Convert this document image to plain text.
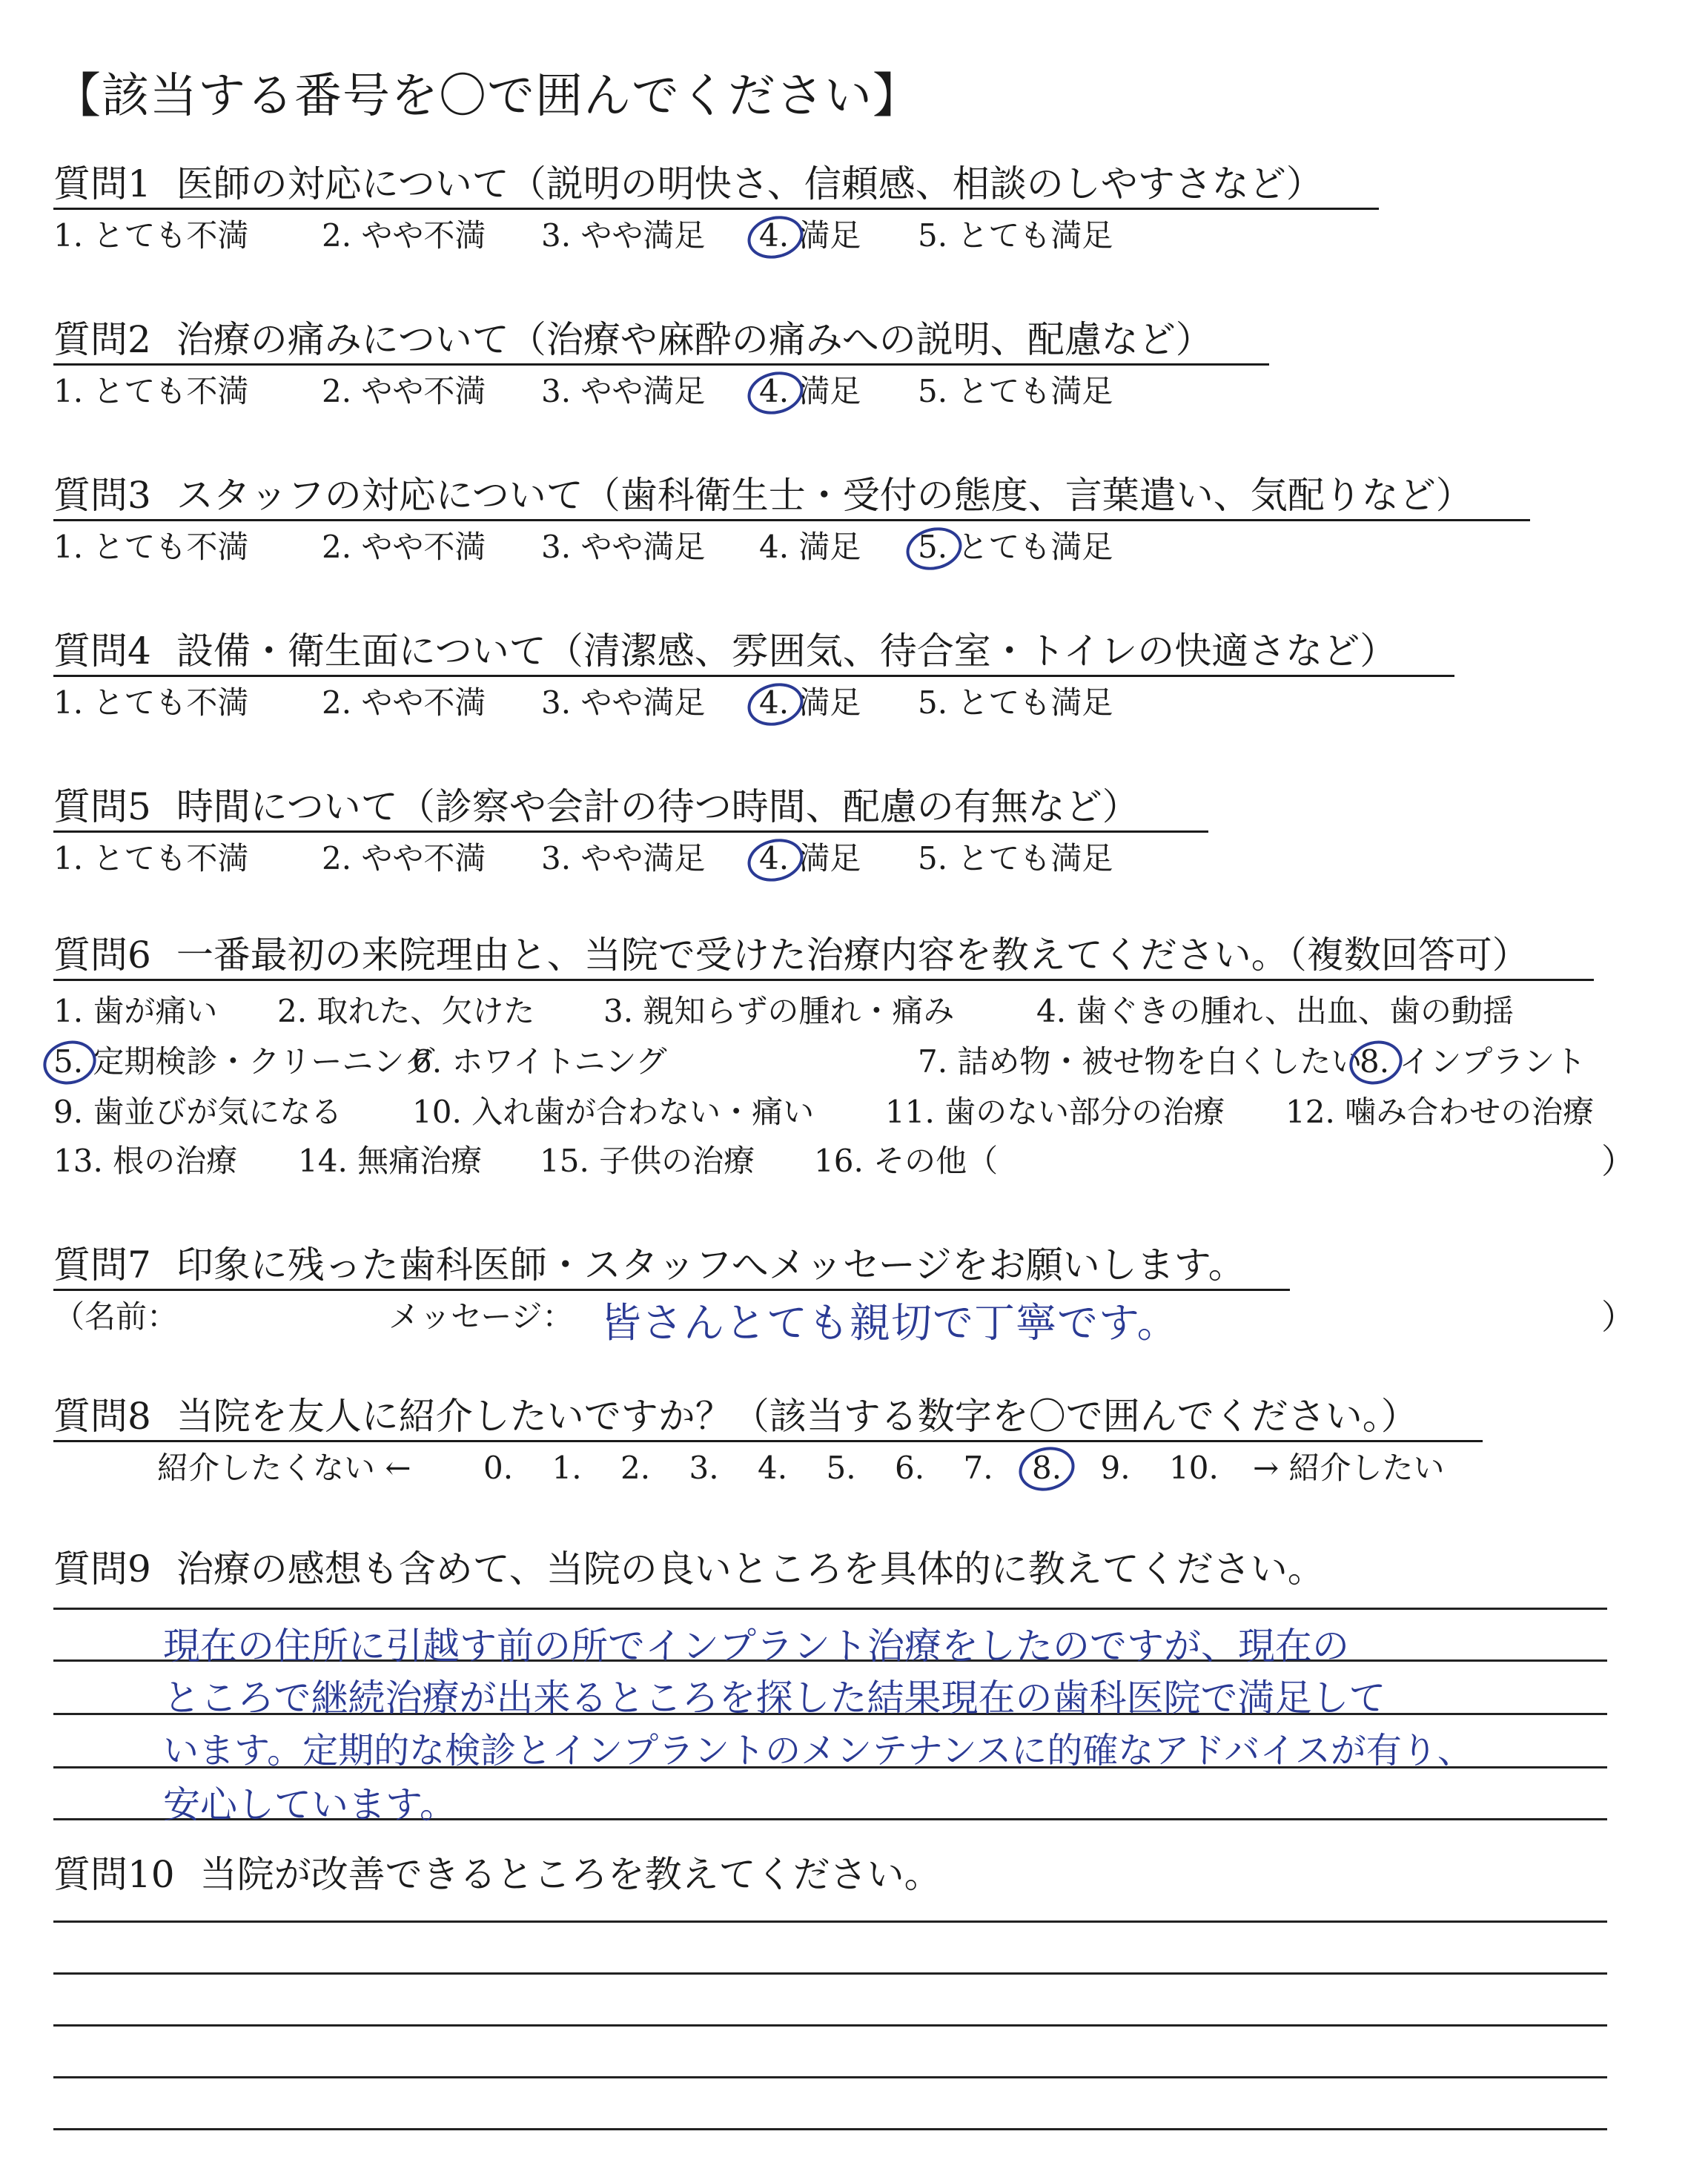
【該当する番号を〇で囲んでください】
質問1 医師の対応について（説明の明快さ、信頼感、相談のしやすさなど）
1. とても不満 2. やや不満 3. やや満足 4. 満足 5. とても満足
質問2 治療の痛みについて（治療や麻酔の痛みへの説明、配慮など）
1. とても不満 2. やや不満 3. やや満足 4. 満足 5. とても満足
質問3 スタッフの対応について（歯科衛生士・受付の態度、言葉遣い、気配りなど）
1. とても不満 2. やや不満 3. やや満足 4. 満足 5. とても満足
質問4 設備・衛生面について（清潔感、雰囲気、待合室・トイレの快適さなど）
1. とても不満 2. やや不満 3. やや満足 4. 満足 5. とても満足
質問5 時間について（診察や会計の待つ時間、配慮の有無など）
1. とても不満 2. やや不満 3. やや満足 4. 満足 5. とても満足
質問6 一番最初の来院理由と、当院で受けた治療内容を教えてください。（複数回答可）
1. 歯が痛い 2. 取れた、欠けた 3. 親知らずの腫れ・痛み	4. 歯ぐきの腫れ、出血、歯の動揺
5. 定期検診・クリーニング
6. ホワイトニング	7. 詰め物・被せ物を白くしたい
8. インプラント
9. 歯並びが気になる 10. 入れ歯が合わない・痛い 11. 歯のない部分の治療 12. 噛み合わせの治療
13. 根の治療 14. 無痛治療 15. 子供の治療 16. その他（	）
質問7 印象に残った歯科医師・スタッフへメッセージをお願いします。
（名前：	メッセージ： 皆さんとても親切で丁寧です。	）
質問8 当院を友人に紹介したいですか？（該当する数字を〇で囲んでください。）
紹介したくない ← 0. 1. 2. 3. 4. 5. 6. 7. 8. 9. 10. → 紹介したい
質問9 治療の感想も含めて、当院の良いところを具体的に教えてください。
現在の住所に引越す前の所でインプラント治療をしたのですが、現在の
ところで継続治療が出来るところを探した結果現在の歯科医院で満足して
います。定期的な検診とインプラントのメンテナンスに的確なアドバイスが有り、
安心しています。
質問10 当院が改善できるところを教えてください。
